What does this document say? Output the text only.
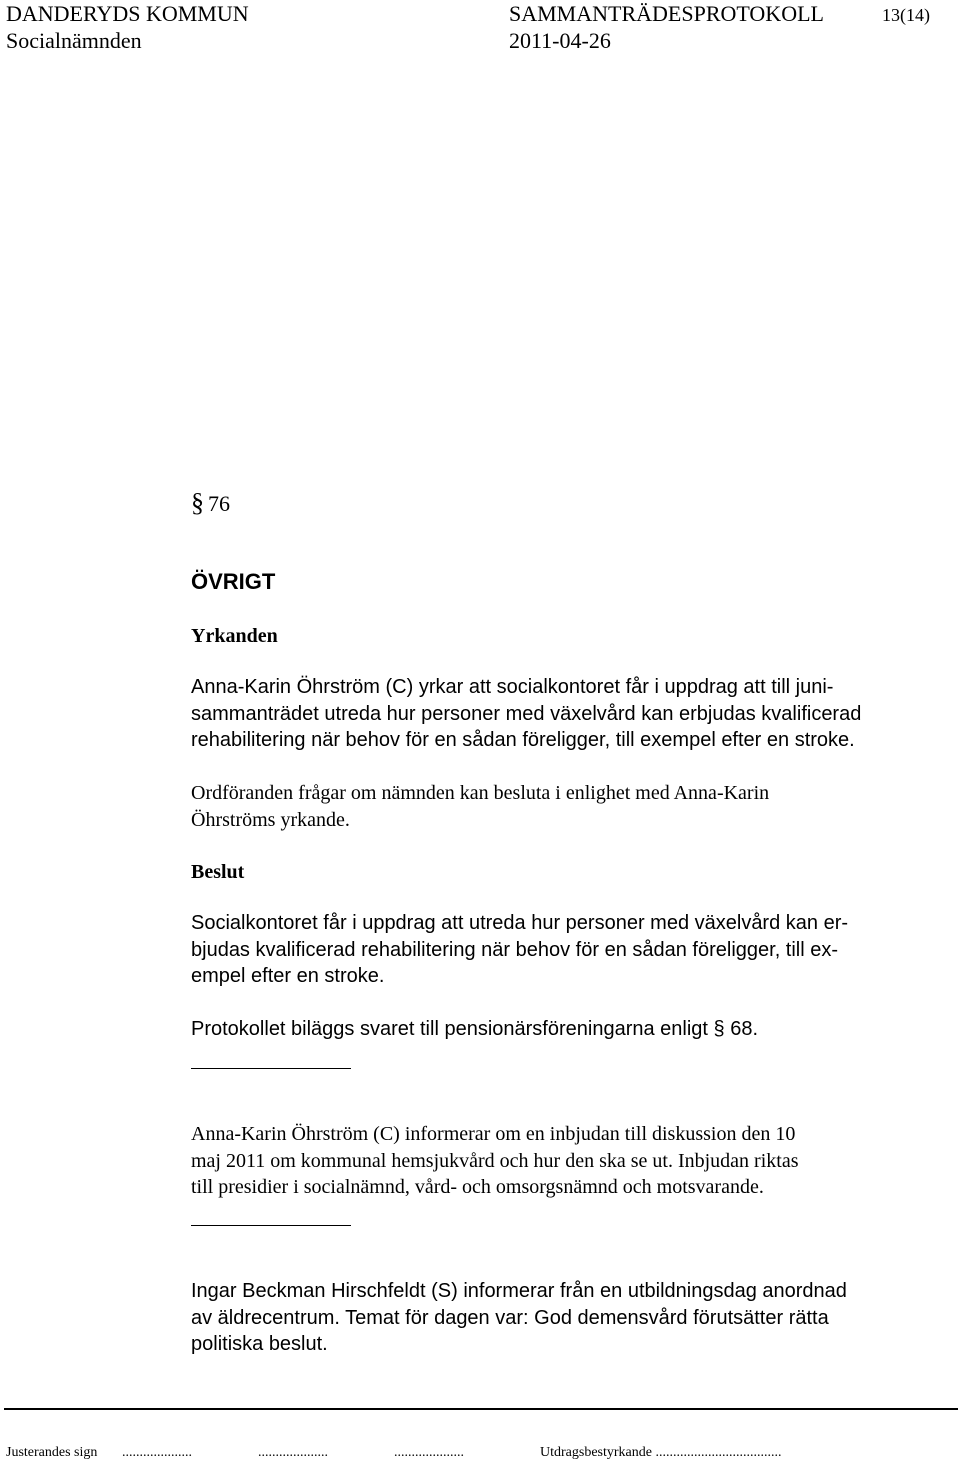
DANDERYDS KOMMUN
Socialnämnden
SAMMANTRÄDESPROTOKOLL
2011-04-26
13(14)
§ 76
ÖVRIGT
Yrkanden
Anna-Karin Öhrström (C) yrkar att socialkontoret får i uppdrag att till juni-
sammanträdet utreda hur personer med växelvård kan erbjudas kvalificerad
rehabilitering när behov för en sådan föreligger, till exempel efter en stroke.
Ordföranden frågar om nämnden kan besluta i enlighet med Anna-Karin
Öhrströms yrkande.
Beslut
Socialkontoret får i uppdrag att utreda hur personer med växelvård kan er-
bjudas kvalificerad rehabilitering när behov för en sådan föreligger, till ex-
empel efter en stroke.
Protokollet biläggs svaret till pensionärsföreningarna enligt § 68.
Anna-Karin Öhrström (C) informerar om en inbjudan till diskussion den 10
maj 2011 om kommunal hemsjukvård och hur den ska se ut. Inbjudan riktas
till presidier i socialnämnd, vård- och omsorgsnämnd och motsvarande.
Ingar Beckman Hirschfeldt (S) informerar från en utbildningsdag anordnad
av äldrecentrum. Temat för dagen var: God demensvård förutsätter rätta
politiska beslut.
Justerandes sign ....................	....................	....................	Utdragsbestyrkande ....................................
